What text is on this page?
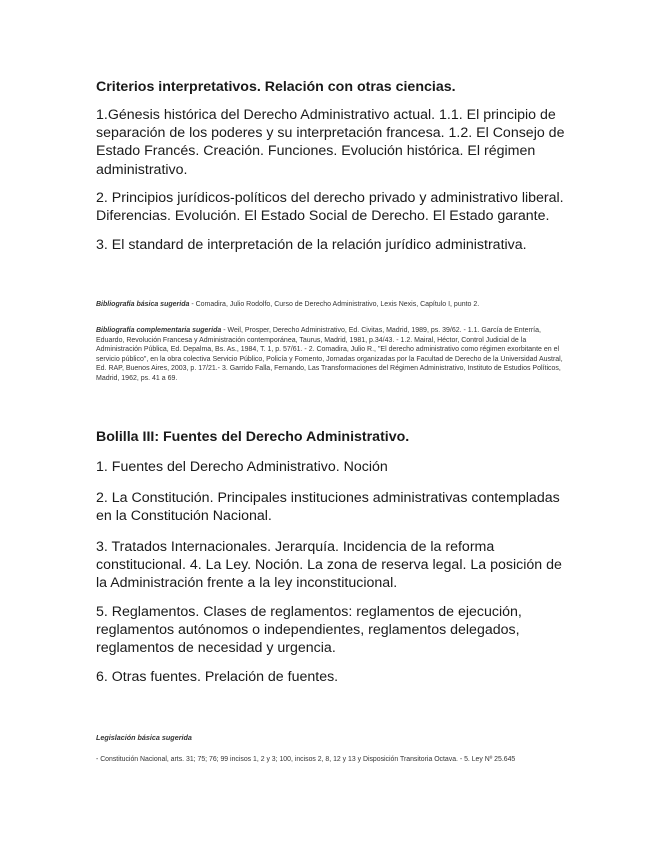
Criterios interpretativos. Relación con otras ciencias.
1.Génesis histórica del Derecho Administrativo actual. 1.1. El principio de separación de los poderes y su interpretación francesa. 1.2. El Consejo de Estado Francés. Creación. Funciones. Evolución histórica. El régimen administrativo.
2. Principios jurídicos-políticos del derecho privado y administrativo liberal. Diferencias. Evolución. El Estado Social de Derecho. El Estado garante.
3. El standard de interpretación de la relación jurídico administrativa.
Bibliografía básica sugerida - Comadira, Julio Rodolfo, Curso de Derecho Administrativo, Lexis Nexis, Capítulo I, punto 2.
Bibliografía complementaria sugerida - Weil, Prosper, Derecho Administrativo, Ed. Civitas, Madrid, 1989, ps. 39/62. - 1.1. García de Enterría, Eduardo, Revolución Francesa y Administración contemporánea, Taurus, Madrid, 1981, p.34/43. - 1.2. Mairal, Héctor, Control Judicial de la Administración Pública, Ed. Depalma, Bs. As., 1984, T. 1, p. 57/61. - 2. Comadira, Julio R., "El derecho administrativo como régimen exorbitante en el servicio público", en la obra colectiva Servicio Público, Policía y Fomento, Jornadas organizadas por la Facultad de Derecho de la Universidad Austral, Ed. RAP, Buenos Aires, 2003, p. 17/21.- 3. Garrido Falla, Fernando, Las Transformaciones del Régimen Administrativo, Instituto de Estudios Políticos, Madrid, 1962, ps. 41 a 69.
Bolilla III: Fuentes del Derecho Administrativo.
1. Fuentes del Derecho Administrativo. Noción
2. La Constitución. Principales instituciones administrativas contempladas en la Constitución Nacional.
3. Tratados Internacionales. Jerarquía. Incidencia de la reforma constitucional. 4. La Ley. Noción. La zona de reserva legal. La posición de la Administración frente a la ley inconstitucional.
5. Reglamentos. Clases de reglamentos: reglamentos de ejecución, reglamentos autónomos o independientes, reglamentos delegados, reglamentos de necesidad y urgencia.
6. Otras fuentes. Prelación de fuentes.
Legislación básica sugerida
- Constitución Nacional, arts. 31; 75; 76; 99 incisos 1, 2 y 3; 100, incisos 2, 8, 12 y 13 y Disposición Transitoria Octava. - 5. Ley Nº 25.645
